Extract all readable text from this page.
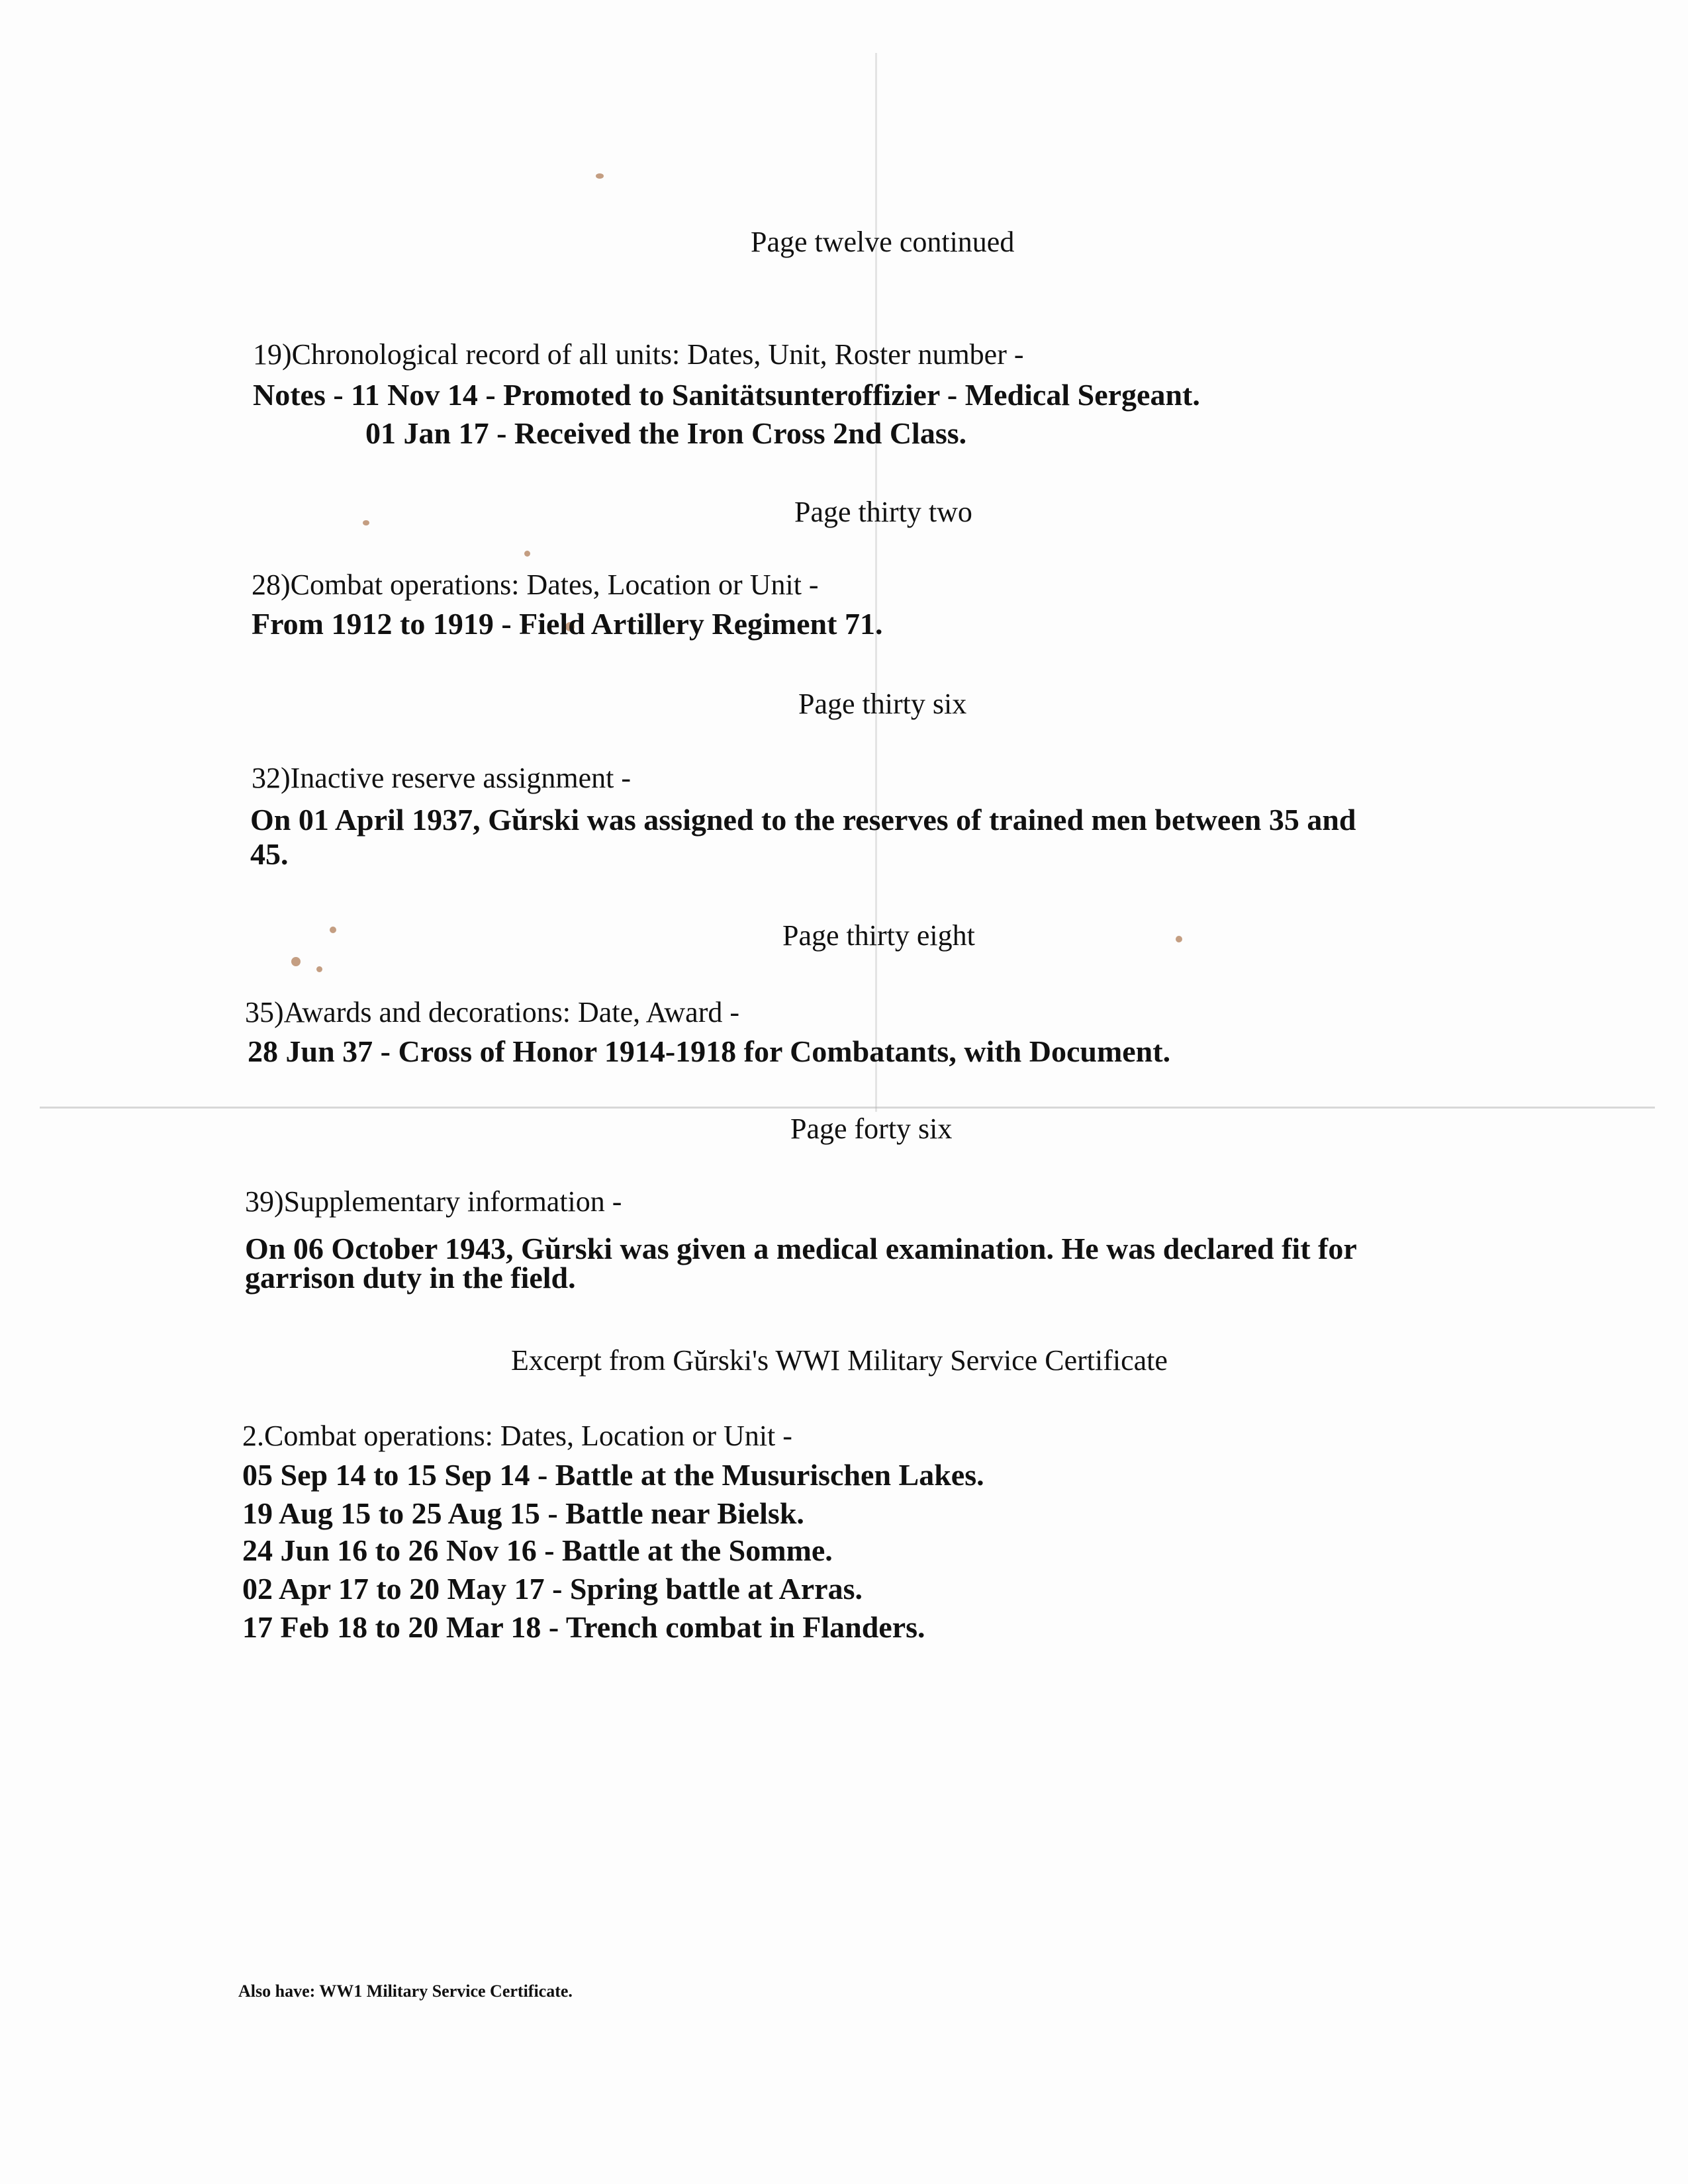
Page twelve continued
19)Chronological record of all units: Dates, Unit, Roster number -
Notes - 11 Nov 14 - Promoted to Sanitätsunteroffizier - Medical Sergeant.
01 Jan 17 - Received the Iron Cross 2nd Class.
Page thirty two
28)Combat operations: Dates, Location or Unit -
From 1912 to 1919 - Field Artillery Regiment 71.
Page thirty six
32)Inactive reserve assignment -
On 01 April 1937, Gŭrski was assigned to the reserves of trained men between 35 and
45.
Page thirty eight
35)Awards and decorations: Date, Award -
28 Jun 37 - Cross of Honor 1914-1918 for Combatants, with Document.
Page forty six
39)Supplementary information -
On 06 October 1943, Gŭrski was given a medical examination. He was declared fit for
garrison duty in the field.
Excerpt from Gŭrski's WWI Military Service Certificate
2.Combat operations: Dates, Location or Unit -
05 Sep 14 to 15 Sep 14 - Battle at the Musurischen Lakes.
19 Aug 15 to 25 Aug 15 - Battle near Bielsk.
24 Jun 16 to 26 Nov 16 - Battle at the Somme.
02 Apr 17 to 20 May 17 - Spring battle at Arras.
17 Feb 18 to 20 Mar 18 - Trench combat in Flanders.
Also have: WW1 Military Service Certificate.
